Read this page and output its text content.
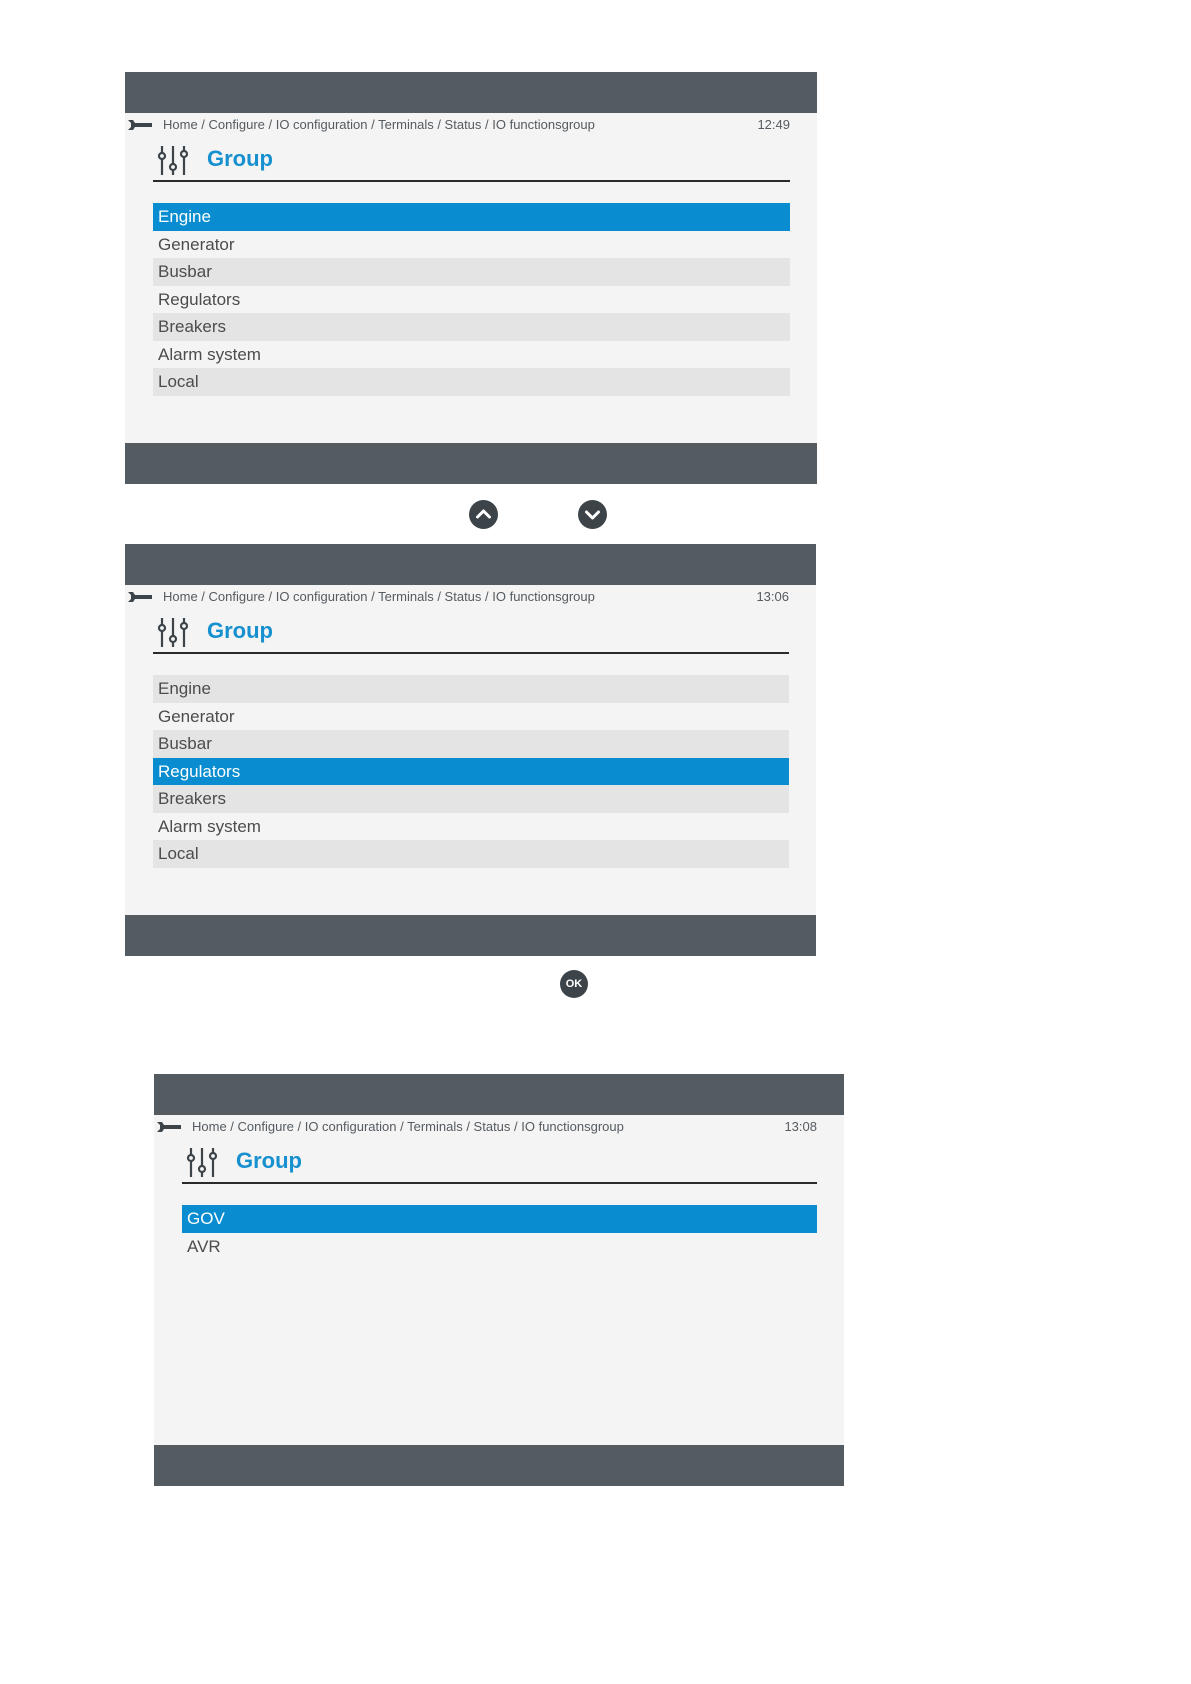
Home / Configure / IO configuration / Terminals / Status / IO functionsgroup	12:49
Group
Engine
Generator
Busbar
Regulators
Breakers
Alarm system
Local
Home / Configure / IO configuration / Terminals / Status / IO functionsgroup	13:06
Group
Engine
Generator
Busbar
Regulators
Breakers
Alarm system
Local
OK
Home / Configure / IO configuration / Terminals / Status / IO functionsgroup	13:08
Group
GOV
AVR
